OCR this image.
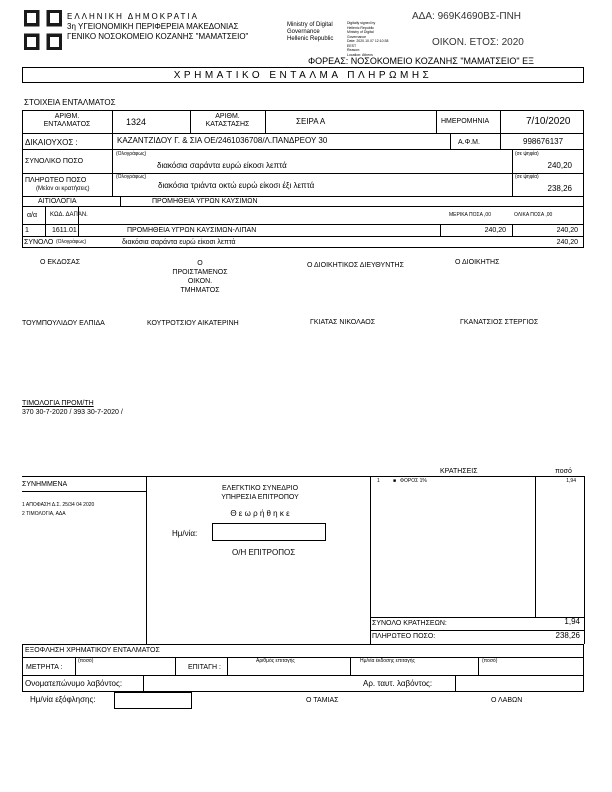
ΕΛΛΗΝΙΚΗ ΔΗΜΟΚΡΑΤΙΑ
3η ΥΓΕΙΟΝΟΜΙΚΗ ΠΕΡΙΦΕΡΕΙΑ ΜΑΚΕΔΟΝΙΑΣ
ΓΕΝΙΚΟ ΝΟΣΟΚΟΜΕΙΟ ΚΟΖΑΝΗΣ "ΜΑΜΑΤΣΕΙΟ"
Ministry of Digital
Governance
Hellenic Republic
Digitally signed by
Hellenic Republic
Ministry of Digital
Governance
Date: 2020.10.07 12:10:38
EEST
Reason:
Location: Athens
ΑΔΑ: 969Κ4690ΒΣ-ΠΝΗ
ΟΙΚΟΝ. ΕΤΟΣ: 2020
ΦΟΡΕΑΣ: ΝΟΣΟΚΟΜΕΙΟ ΚΟΖΑΝΗΣ "ΜΑΜΑΤΣΕΙΟ" ΕΞ
ΧΡΗΜΑΤΙΚΟ ΕΝΤΑΛΜΑ ΠΛΗΡΩΜΗΣ
ΣΤΟΙΧΕΙΑ ΕΝΤΑΛΜΑΤΟΣ
ΑΡΙΘΜ.
ΕΝΤΑΛΜΑΤΟΣ	1324
ΑΡΙΘΜ.
ΚΑΤΑΣΤΑΣΗΣ	ΣΕΙΡΑ Α	ΗΜΕΡΟΜΗΝΙΑ	7/10/2020
ΔΙΚΑΙΟΥΧΟΣ :	ΚΑΖΑΝΤΖΙΔΟΥ Γ. & ΣΙΑ ΟΕ/2461036708/Λ.ΠΑΝΔΡΕΟΥ 30	Α.Φ.Μ.	998676137
ΣΥΝΟΛΙΚΟ ΠΟΣΟ
(Ολογράφως)
διακόσια σαράντα ευρώ είκοσι λεπτά
(σε ψηφία)
240,20
ΠΛΗΡΩΤΕΟ ΠΟΣΟ
(Μείον οι κρατήσεις)
(Ολογράφως)
διακόσια τριάντα οκτώ ευρώ είκοσι έξι λεπτά
(σε ψηφία)
238,26
ΑΙΤΙΟΛΟΓΙΑ	ΠΡΟΜΗΘΕΙΑ ΥΓΡΩΝ ΚΑΥΣΙΜΩΝ
α/α ΚΩΔ. ΔΑΠΑΝ.	ΜΕΡΙΚΑ ΠΟΣΑ ,00	ΟΛΙΚΑ ΠΟΣΑ ,00
1	1611.01	ΠΡΟΜΗΘΕΙΑ ΥΓΡΩΝ ΚΑΥΣΙΜΩΝ-ΛΙΠΑΝ	240,20	240,20
ΣΥΝΟΛΟ (Ολογράφως)	διακόσια σαράντα ευρώ είκοσι λεπτά	240,20
Ο ΕΚΔΟΣΑΣ	Ο
ΠΡΟΙΣΤΑΜΕΝΟΣ
ΟΙΚΟΝ.
ΤΜΗΜΑΤΟΣ
Ο ΔΙΟΙΚΗΤΙΚΟΣ ΔΙΕΥΘΥΝΤΗΣ	Ο ΔΙΟΙΚΗΤΗΣ
ΤΟΥΜΠΟΥΛΙΔΟΥ ΕΛΠΙΔΑ	ΚΟΥΤΡΟΤΣΙΟΥ ΑΙΚΑΤΕΡΙΝΗ	ΓΚΙΑΤΑΣ ΝΙΚΟΛΑΟΣ	ΓΚΑΝΑΤΣΙΟΣ ΣΤΕΡΓΙΟΣ
ΤΙΜΟΛΟΓΙΑ ΠΡΟΜ/ΤΗ
370 30-7-2020 / 393 30-7-2020 /
ΚΡΑΤΗΣΕΙΣ	ποσό
ΣΥΝΗΜΜΕΝΑ
1 ΑΠΟΦΑΣΗ Δ.Σ. 25/34 04 2020
2 ΤΙΜΟΛΟΓΙΑ, ΑΔΑ
ΕΛΕΓΚΤΙΚΟ ΣΥΝΕΔΡΙΟ
ΥΠΗΡΕΣΙΑ ΕΠΙΤΡΟΠΟΥ
Θ ε ω ρ ή θ η κ ε
Ημ/νία:
Ο/Η ΕΠΙΤΡΟΠΟΣ
1	■ ΦΟΡΟΣ 1%	1,94
ΣΥΝΟΛΟ ΚΡΑΤΗΣΕΩΝ:	1,94
ΠΛΗΡΩΤΕΟ ΠΟΣΟ:	238,26
ΕΞΟΦΛΗΣΗ ΧΡΗΜΑΤΙΚΟΥ ΕΝΤΑΛΜΑΤΟΣ
ΜΕΤΡΗΤΑ :
(ποσό)
ΕΠΙΤΑΓΗ :
Αριθμός επιταγής	Ημ/νία έκδοσης επιταγής	(ποσό)
Ονοματεπώνυμο λαβόντος:	Αρ. ταυτ. λαβόντος:
Ημ/νία εξόφλησης:	Ο ΤΑΜΙΑΣ	Ο ΛΑΒΩΝ
